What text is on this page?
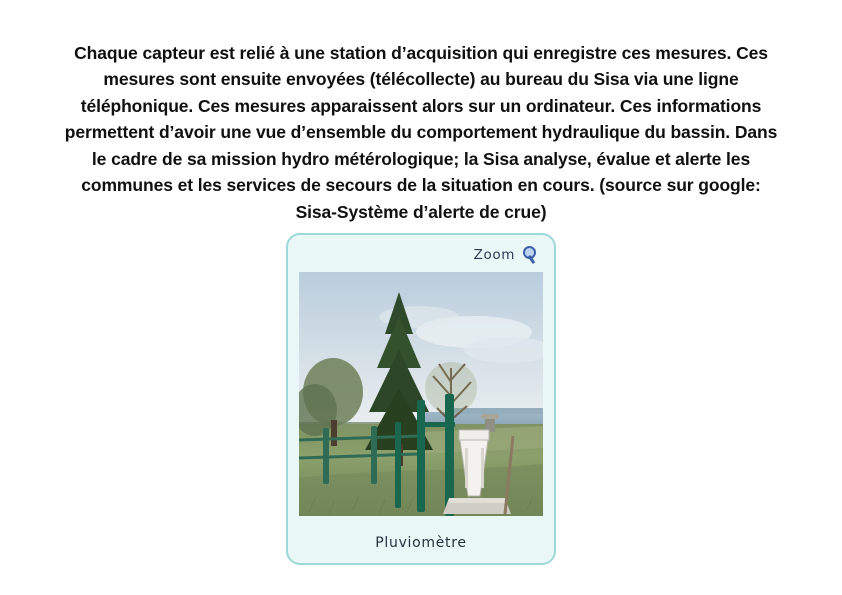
Chaque capteur est relié à une station d’acquisition qui enregistre ces mesures. Ces mesures sont ensuite envoyées (télécollecte) au bureau du Sisa via une ligne téléphonique. Ces mesures apparaissent alors sur un ordinateur. Ces informations permettent d’avoir une vue d’ensemble du comportement hydraulique du bassin. Dans le cadre de sa mission hydro métérologique; la Sisa analyse, évalue et alerte les communes et les services de secours de la situation en cours. (source sur google: Sisa-Système d’alerte de crue)

Zoom
Pluviomètre
